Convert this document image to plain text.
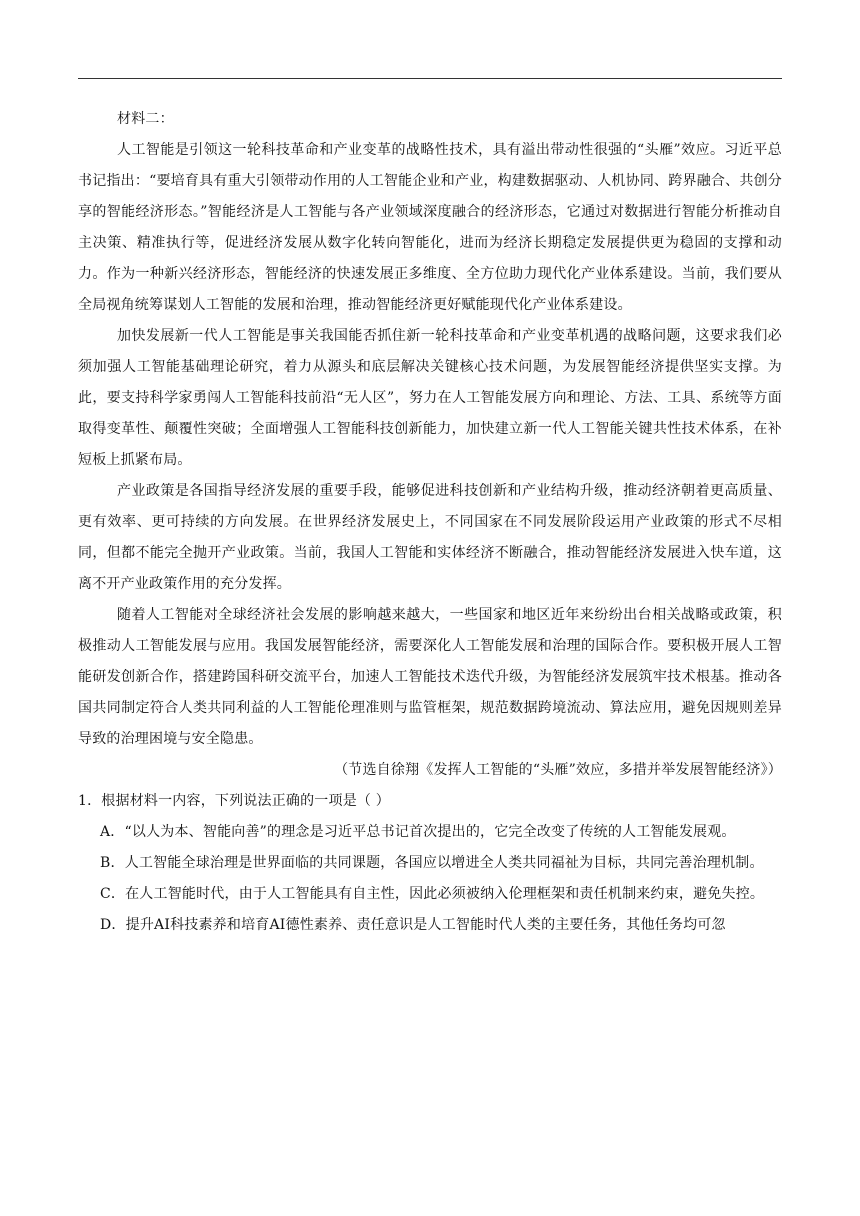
材料二：

人工智能是引领这一轮科技革命和产业变革的战略性技术，具有溢出带动性很强的“头雁”效应。习近平总书记指出：“要培育具有重大引领带动作用的人工智能企业和产业，构建数据驱动、人机协同、跨界融合、共创分享的智能经济形态。”智能经济是人工智能与各产业领域深度融合的经济形态，它通过对数据进行智能分析推动自主决策、精准执行等，促进经济发展从数字化转向智能化，进而为经济长期稳定发展提供更为稳固的支撑和动力。作为一种新兴经济形态，智能经济的快速发展正多维度、全方位助力现代化产业体系建设。当前，我们要从全局视角统筹谋划人工智能的发展和治理，推动智能经济更好赋能现代化产业体系建设。

加快发展新一代人工智能是事关我国能否抓住新一轮科技革命和产业变革机遇的战略问题，这要求我们必须加强人工智能基础理论研究，着力从源头和底层解决关键核心技术问题，为发展智能经济提供坚实支撑。为此，要支持科学家勇闯人工智能科技前沿“无人区”，努力在人工智能发展方向和理论、方法、工具、系统等方面取得变革性、颠覆性突破；全面增强人工智能科技创新能力，加快建立新一代人工智能关键共性技术体系，在补短板上抓紧布局。

产业政策是各国指导经济发展的重要手段，能够促进科技创新和产业结构升级，推动经济朝着更高质量、更有效率、更可持续的方向发展。在世界经济发展史上，不同国家在不同发展阶段运用产业政策的形式不尽相同，但都不能完全抛开产业政策。当前，我国人工智能和实体经济不断融合，推动智能经济发展进入快车道，这离不开产业政策作用的充分发挥。

随着人工智能对全球经济社会发展的影响越来越大，一些国家和地区近年来纷纷出台相关战略或政策，积极推动人工智能发展与应用。我国发展智能经济，需要深化人工智能发展和治理的国际合作。要积极开展人工智能研发创新合作，搭建跨国科研交流平台，加速人工智能技术迭代升级，为智能经济发展筑牢技术根基。推动各国共同制定符合人类共同利益的人工智能伦理准则与监管框架，规范数据跨境流动、算法应用，避免因规则差异导致的治理困境与安全隐患。

（节选自徐翔《发挥人工智能的“头雁”效应，多措并举发展智能经济》）

1．根据材料一内容，下列说法正确的一项是（ ）

A．“以人为本、智能向善”的理念是习近平总书记首次提出的，它完全改变了传统的人工智能发展观。

B．人工智能全球治理是世界面临的共同课题，各国应以增进全人类共同福祉为目标，共同完善治理机制。

C．在人工智能时代，由于人工智能具有自主性，因此必须被纳入伦理框架和责任机制来约束，避免失控。

D．提升AI科技素养和培育AI德性素养、责任意识是人工智能时代人类的主要任务，其他任务均可忽
